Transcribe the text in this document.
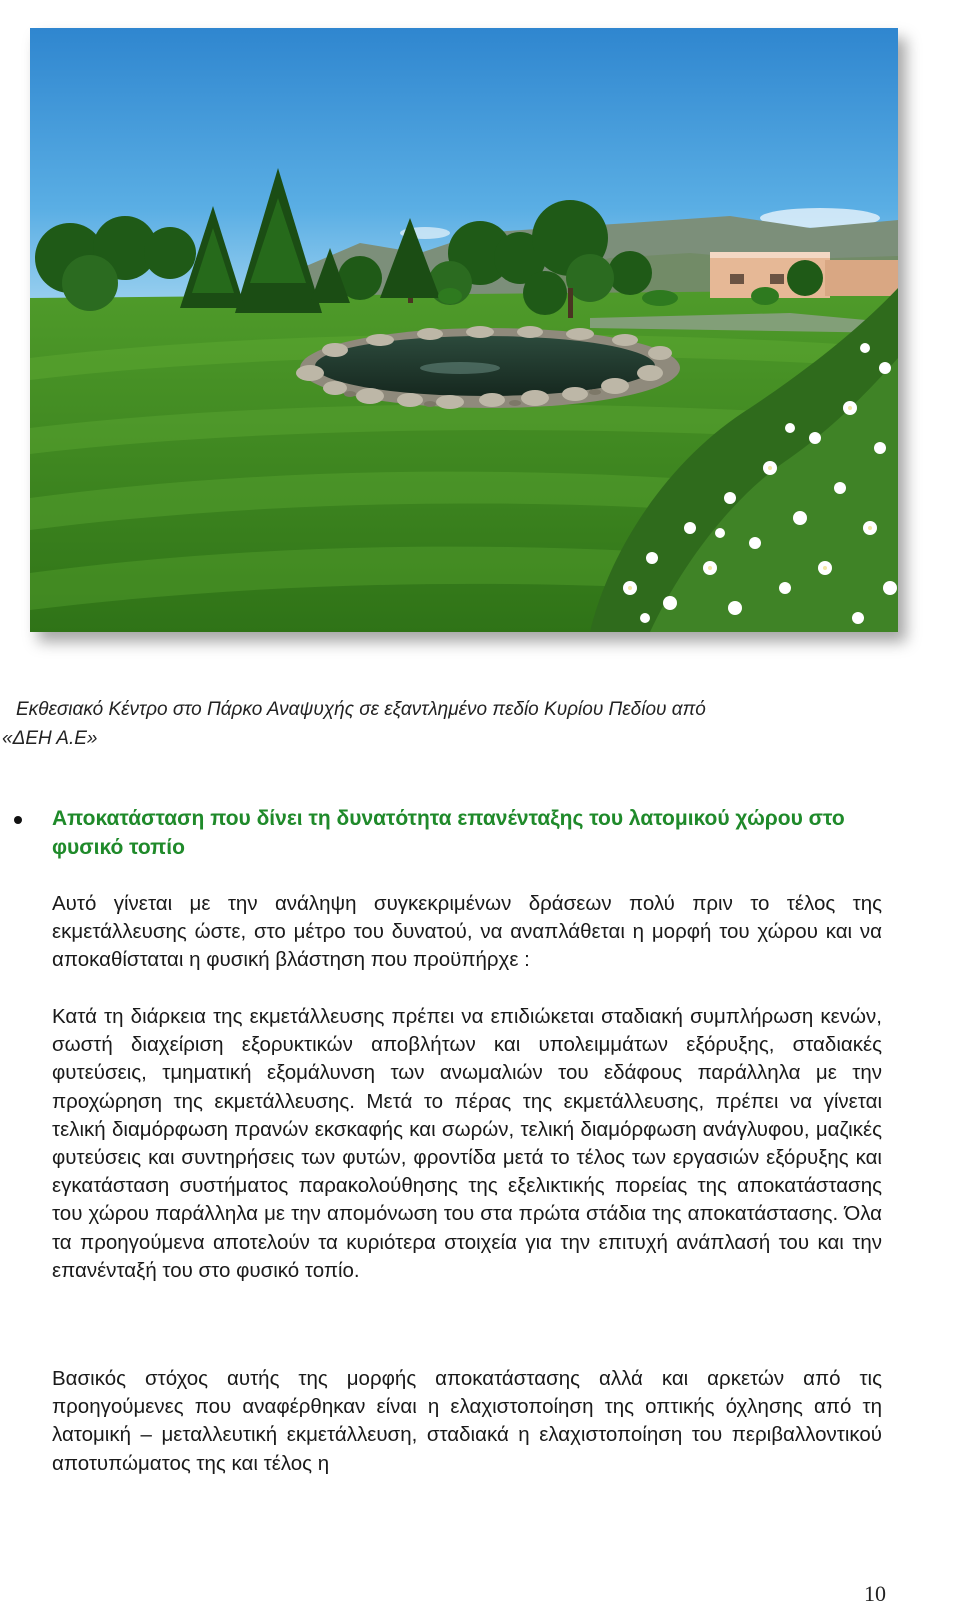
Εκθεσιακό Κέντρο στο Πάρκο Αναψυχής σε εξαντλημένο πεδίο Κυρίου Πεδίου από
«ΔΕΗ Α.Ε»
Αποκατάσταση που δίνει τη δυνατότητα επανένταξης του λατομικού χώρου στο φυσικό τοπίο

Αυτό γίνεται με την ανάληψη συγκεκριμένων δράσεων πολύ πριν το τέλος της εκμετάλλευσης ώστε, στο μέτρο του δυνατού, να αναπλάθεται η μορφή του χώρου και να αποκαθίσταται η φυσική βλάστηση που προϋπήρχε :

Κατά τη διάρκεια της εκμετάλλευσης πρέπει να επιδιώκεται σταδιακή συμπλήρωση κενών, σωστή διαχείριση εξορυκτικών αποβλήτων και υπολειμμάτων εξόρυξης, σταδιακές φυτεύσεις, τμηματική εξομάλυνση των ανωμαλιών του εδάφους παράλληλα με την προχώρηση της εκμετάλλευσης. Μετά το πέρας της εκμετάλλευσης, πρέπει να γίνεται τελική διαμόρφωση πρανών εκσκαφής και σωρών, τελική διαμόρφωση ανάγλυφου, μαζικές φυτεύσεις και συντηρήσεις των φυτών, φροντίδα μετά το τέλος των εργασιών εξόρυξης και εγκατάσταση συστήματος παρακολούθησης της εξελικτικής πορείας της αποκατάστασης του χώρου παράλληλα με την απομόνωση του στα πρώτα στάδια της αποκατάστασης. Όλα τα προηγούμενα αποτελούν τα κυριότερα στοιχεία για την επιτυχή ανάπλασή του και την επανένταξή του στο φυσικό τοπίο.

Βασικός στόχος αυτής της μορφής αποκατάστασης αλλά και αρκετών από τις προηγούμενες που αναφέρθηκαν είναι η ελαχιστοποίηση της οπτικής όχλησης από τη λατομική – μεταλλευτική εκμετάλλευση, σταδιακά η ελαχιστοποίηση του περιβαλλοντικού αποτυπώματος της και τέλος η

10
